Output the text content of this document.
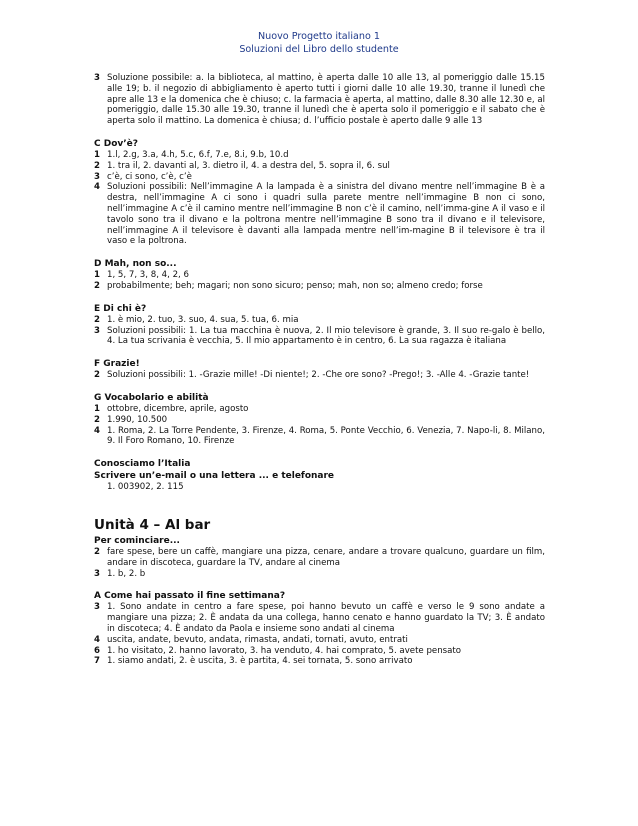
Nuovo Progetto italiano 1
Soluzioni del Libro dello studente
3 Soluzione possibile: a. la biblioteca, al mattino, è aperta dalle 10 alle 13, al pomeriggio dalle 15.15 alle 19; b. il negozio di abbigliamento è aperto tutti i giorni dalle 10 alle 19.30, tranne il lunedì che apre alle 13 e la domenica che è chiuso; c. la farmacia è aperta, al mattino, dalle 8.30 alle 12.30 e, al pomeriggio, dalle 15.30 alle 19.30, tranne il lunedì che è aperta solo il pomeriggio e il sabato che è aperta solo il mattino. La domenica è chiusa; d. l’ufficio postale è aperto dalle 9 alle 13
C Dov’è?
1 1.l, 2.g, 3.a, 4.h, 5.c, 6.f, 7.e, 8.i, 9.b, 10.d
2 1. tra il, 2. davanti al, 3. dietro il, 4. a destra del, 5. sopra il, 6. sul
3 c’è, ci sono, c’è, c’è
4 Soluzioni possibili: Nell’immagine A la lampada è a sinistra del divano mentre nell’immagine B è a destra, nell’immagine A ci sono i quadri sulla parete mentre nell’immagine B non ci sono, nell’immagine A c’è il camino mentre nell’immagine B non c’è il camino, nell’imma-gine A il vaso e il tavolo sono tra il divano e la poltrona mentre nell’immagine B sono tra il divano e il televisore, nell’immagine A il televisore è davanti alla lampada mentre nell’im-magine B il televisore è tra il vaso e la poltrona.
D Mah, non so...
1 1, 5, 7, 3, 8, 4, 2, 6
2 probabilmente; beh; magari; non sono sicuro; penso; mah, non so; almeno credo; forse
E Di chi è?
2 1. è mio, 2. tuo, 3. suo, 4. sua, 5. tua, 6. mia
3 Soluzioni possibili: 1. La tua macchina è nuova, 2. Il mio televisore è grande, 3. Il suo re-galo è bello, 4. La tua scrivania è vecchia, 5. Il mio appartamento è in centro, 6. La sua ragazza è italiana
F Grazie!
2 Soluzioni possibili: 1. -Grazie mille! -Di niente!; 2. -Che ore sono? -Prego!; 3. -Alle 4. -Grazie tante!
G Vocabolario e abilità
1 ottobre, dicembre, aprile, agosto
2 1.990, 10.500
4 1. Roma, 2. La Torre Pendente, 3. Firenze, 4. Roma, 5. Ponte Vecchio, 6. Venezia, 7. Napo-li, 8. Milano, 9. Il Foro Romano, 10. Firenze
Conosciamo l’Italia
Scrivere un’e-mail o una lettera ... e telefonare
1. 003902, 2. 115
Unità 4 – Al bar
Per cominciare...
2 fare spese, bere un caffè, mangiare una pizza, cenare, andare a trovare qualcuno, guardare un film, andare in discoteca, guardare la TV, andare al cinema
3 1. b, 2. b
A Come hai passato il fine settimana?
3 1. Sono andate in centro a fare spese, poi hanno bevuto un caffè e verso le 9 sono andate a mangiare una pizza; 2. È andata da una collega, hanno cenato e hanno guardato la TV; 3. È andato in discoteca; 4. È andato da Paola e insieme sono andati al cinema
4 uscita, andate, bevuto, andata, rimasta, andati, tornati, avuto, entrati
6 1. ho visitato, 2. hanno lavorato, 3. ha venduto, 4. hai comprato, 5. avete pensato
7 1. siamo andati, 2. è uscita, 3. è partita, 4. sei tornata, 5. sono arrivato
